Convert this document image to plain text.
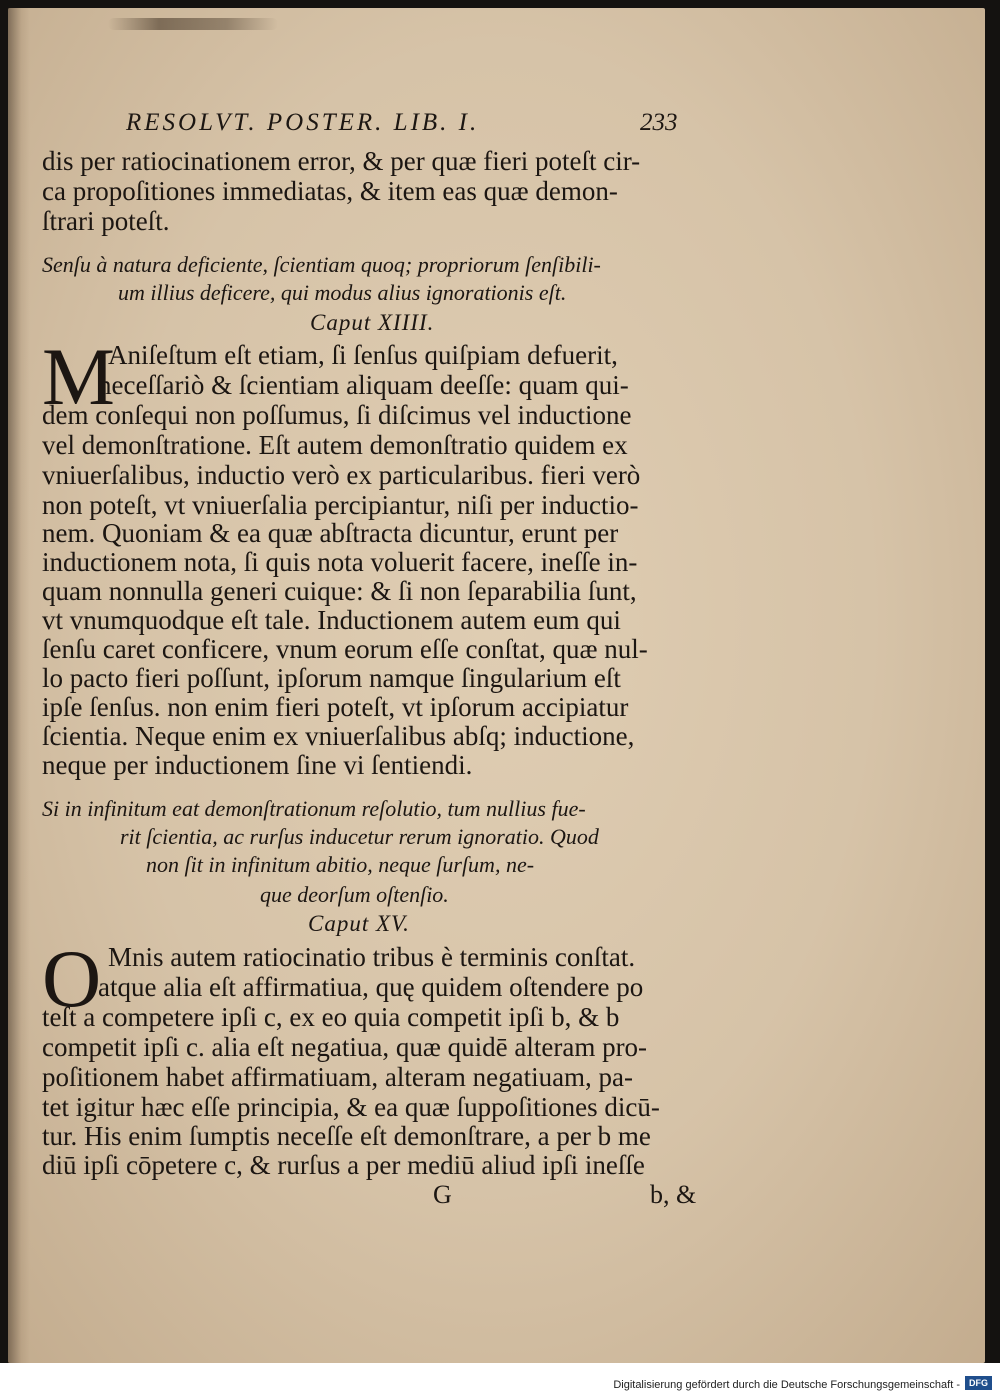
RESOLVT. POSTER. LIB. I.	233
dis per ratiocinationem error, & per quæ fieri poteſt cir-
ca propoſitiones immediatas, & item eas quæ demon-
ſtrari poteſt.
Senſu à natura deficiente, ſcientiam quoq; propriorum ſenſibili-
um illius deficere, qui modus alius ignorationis eſt.
Caput XIIII.
M
Aniſeſtum eſt etiam, ſi ſenſus quiſpiam defuerit,
neceſſariò & ſcientiam aliquam deeſſe: quam qui-
dem conſequi non poſſumus, ſi diſcimus vel inductione
vel demonſtratione. Eſt autem demonſtratio quidem ex
vniuerſalibus, inductio verò ex particularibus. fieri verò
non poteſt, vt vniuerſalia percipiantur, niſi per inductio-
nem. Quoniam & ea quæ abſtracta dicuntur, erunt per
inductionem nota, ſi quis nota voluerit facere, ineſſe in-
quam nonnulla generi cuique: & ſi non ſeparabilia ſunt,
vt vnumquodque eſt tale. Inductionem autem eum qui
ſenſu caret conficere, vnum eorum eſſe conſtat, quæ nul-
lo pacto fieri poſſunt, ipſorum namque ſingularium eſt
ipſe ſenſus. non enim fieri poteſt, vt ipſorum accipiatur
ſcientia. Neque enim ex vniuerſalibus abſq; inductione,
neque per inductionem ſine vi ſentiendi.
Si in infinitum eat demonſtrationum reſolutio, tum nullius fue-
rit ſcientia, ac rurſus inducetur rerum ignoratio. Quod
non ſit in infinitum abitio, neque ſurſum, ne-
que deorſum oſtenſio.
Caput XV.
O Mnis autem ratiocinatio tribus è terminis conſtat.
atque alia eſt affirmatiua, quę quidem oſtendere po
teſt a competere ipſi c, ex eo quia competit ipſi b, & b
competit ipſi c. alia eſt negatiua, quæ quidē alteram pro-
poſitionem habet affirmatiuam, alteram negatiuam, pa-
tet igitur hæc eſſe principia, & ea quæ ſuppoſitiones dicū-
tur. His enim ſumptis neceſſe eſt demonſtrare, a per b me
diū ipſi cōpetere c, & rurſus a per mediū aliud ipſi ineſſe
G	b, &
Digitalisierung gefördert durch die Deutsche Forschungsgemeinschaft -	DFG
